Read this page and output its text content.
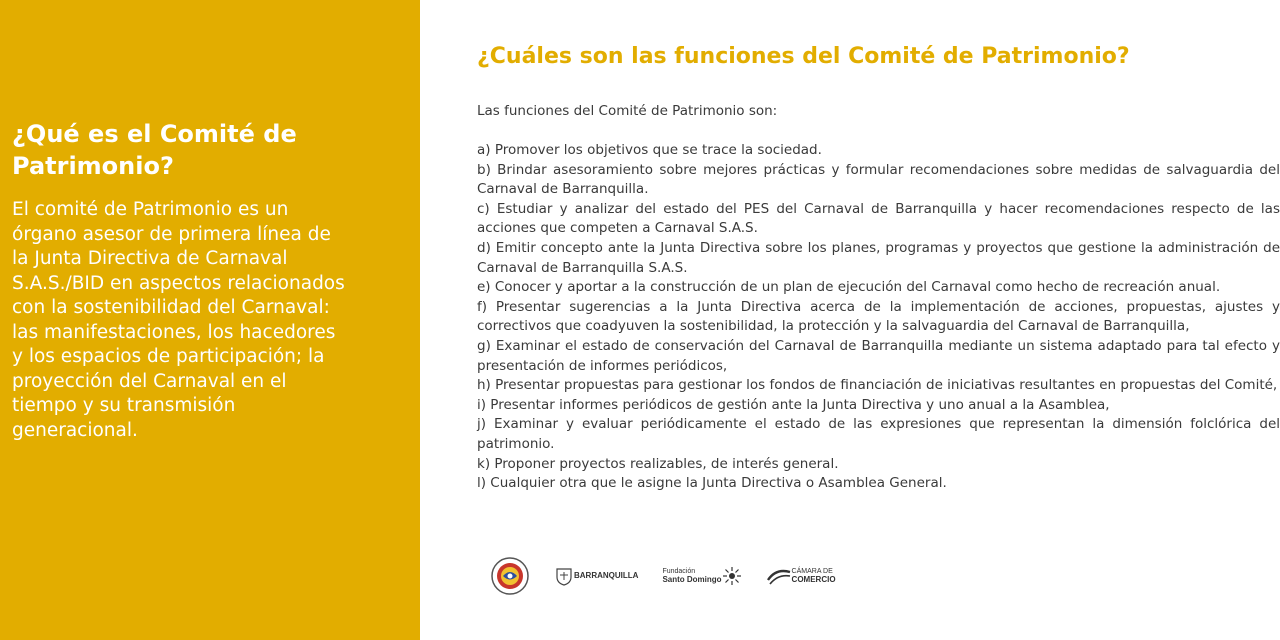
¿Qué es el Comité de Patrimonio?

El comité de Patrimonio es un órgano asesor de primera línea de la Junta Directiva de Carnaval S.A.S./BID en aspectos relacionados con la sostenibilidad del Carnaval: las manifestaciones, los hacedores y los espacios de participación; la proyección del Carnaval en el tiempo y su transmisión generacional.

¿Cuáles son las funciones del Comité de Patrimonio?

Las funciones del Comité de Patrimonio son:

a) Promover los objetivos que se trace la sociedad.
b) Brindar asesoramiento sobre mejores prácticas y formular recomendaciones sobre medidas de salvaguardia del Carnaval de Barranquilla.
c) Estudiar y analizar del estado del PES del Carnaval de Barranquilla y hacer recomendaciones respecto de las acciones que competen a Carnaval S.A.S.
d) Emitir concepto ante la Junta Directiva sobre los planes, programas y proyectos que gestione la administración de Carnaval de Barranquilla S.A.S.
e) Conocer y aportar a la construcción de un plan de ejecución del Carnaval como hecho de recreación anual.
f) Presentar sugerencias a la Junta Directiva acerca de la implementación de acciones, propuestas, ajustes y correctivos que coadyuven la sostenibilidad, la protección y la salvaguardia del Carnaval de Barranquilla,
g) Examinar el estado de conservación del Carnaval de Barranquilla mediante un sistema adaptado para tal efecto y presentación de informes periódicos,
h) Presentar propuestas para gestionar los fondos de financiación de iniciativas resultantes en propuestas del Comité,
i) Presentar informes periódicos de gestión ante la Junta Directiva y uno anual a la Asamblea,
j) Examinar y evaluar periódicamente el estado de las expresiones que representan la dimensión folclórica del patrimonio.
k) Proponer proyectos realizables, de interés general.
l) Cualquier otra que le asigne la Junta Directiva o Asamblea General.
BARRANQUILLA	Fundación
Santo Domingo
CÁMARA DE
COMERCIO
